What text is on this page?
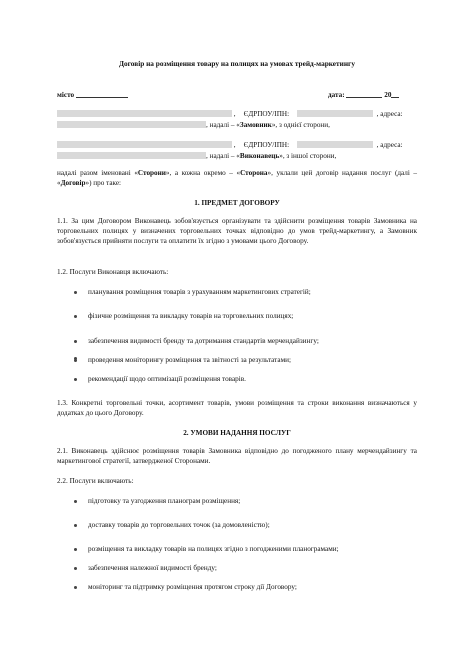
Договір на розміщення товару на полицях на умовах трейд-маркетингу
місто	дата:	20
, ЄДРПОУ/ІПН:	, адреса:
, надалі – «Замовник», з однієї сторони,
, ЄДРПОУ/ІПН:	, адреса:
, надалі – «Виконавець», з іншої сторони,
надалі разом іменовані «Сторони», а кожна окремо – «Сторона», уклали цей договір надання послуг (далі – «Договір») про таке:
1. ПРЕДМЕТ ДОГОВОРУ
1.1. За цим Договором Виконавець зобов'язується організувати та здійснити розміщення товарів Замовника на торговельних полицях у визначених торговельних точках відповідно до умов трейд-маркетингу, а Замовник зобов'язується прийняти послуги та оплатити їх згідно з умовами цього Договору.
1.2. Послуги Виконавця включають:
планування розміщення товарів з урахуванням маркетингових стратегій;
фізичне розміщення та викладку товарів на торговельних полицях;
забезпечення видимості бренду та дотримання стандартів мерчендайзингу;
проведення моніторингу розміщення та звітності за результатами;
рекомендації щодо оптимізації розміщення товарів.
1.3. Конкретні торговельні точки, асортимент товарів, умови розміщення та строки виконання визначаються у додатках до цього Договору.
2. УМОВИ НАДАННЯ ПОСЛУГ
2.1. Виконавець здійснює розміщення товарів Замовника відповідно до погодженого плану мерчендайзингу та маркетингової стратегії, затвердженої Сторонами.
2.2. Послуги включають:
підготовку та узгодження планограм розміщення;
доставку товарів до торговельних точок (за домовленістю);
розміщення та викладку товарів на полицях згідно з погодженими планограмами;
забезпечення належної видимості бренду;
моніторинг та підтримку розміщення протягом строку дії Договору;
